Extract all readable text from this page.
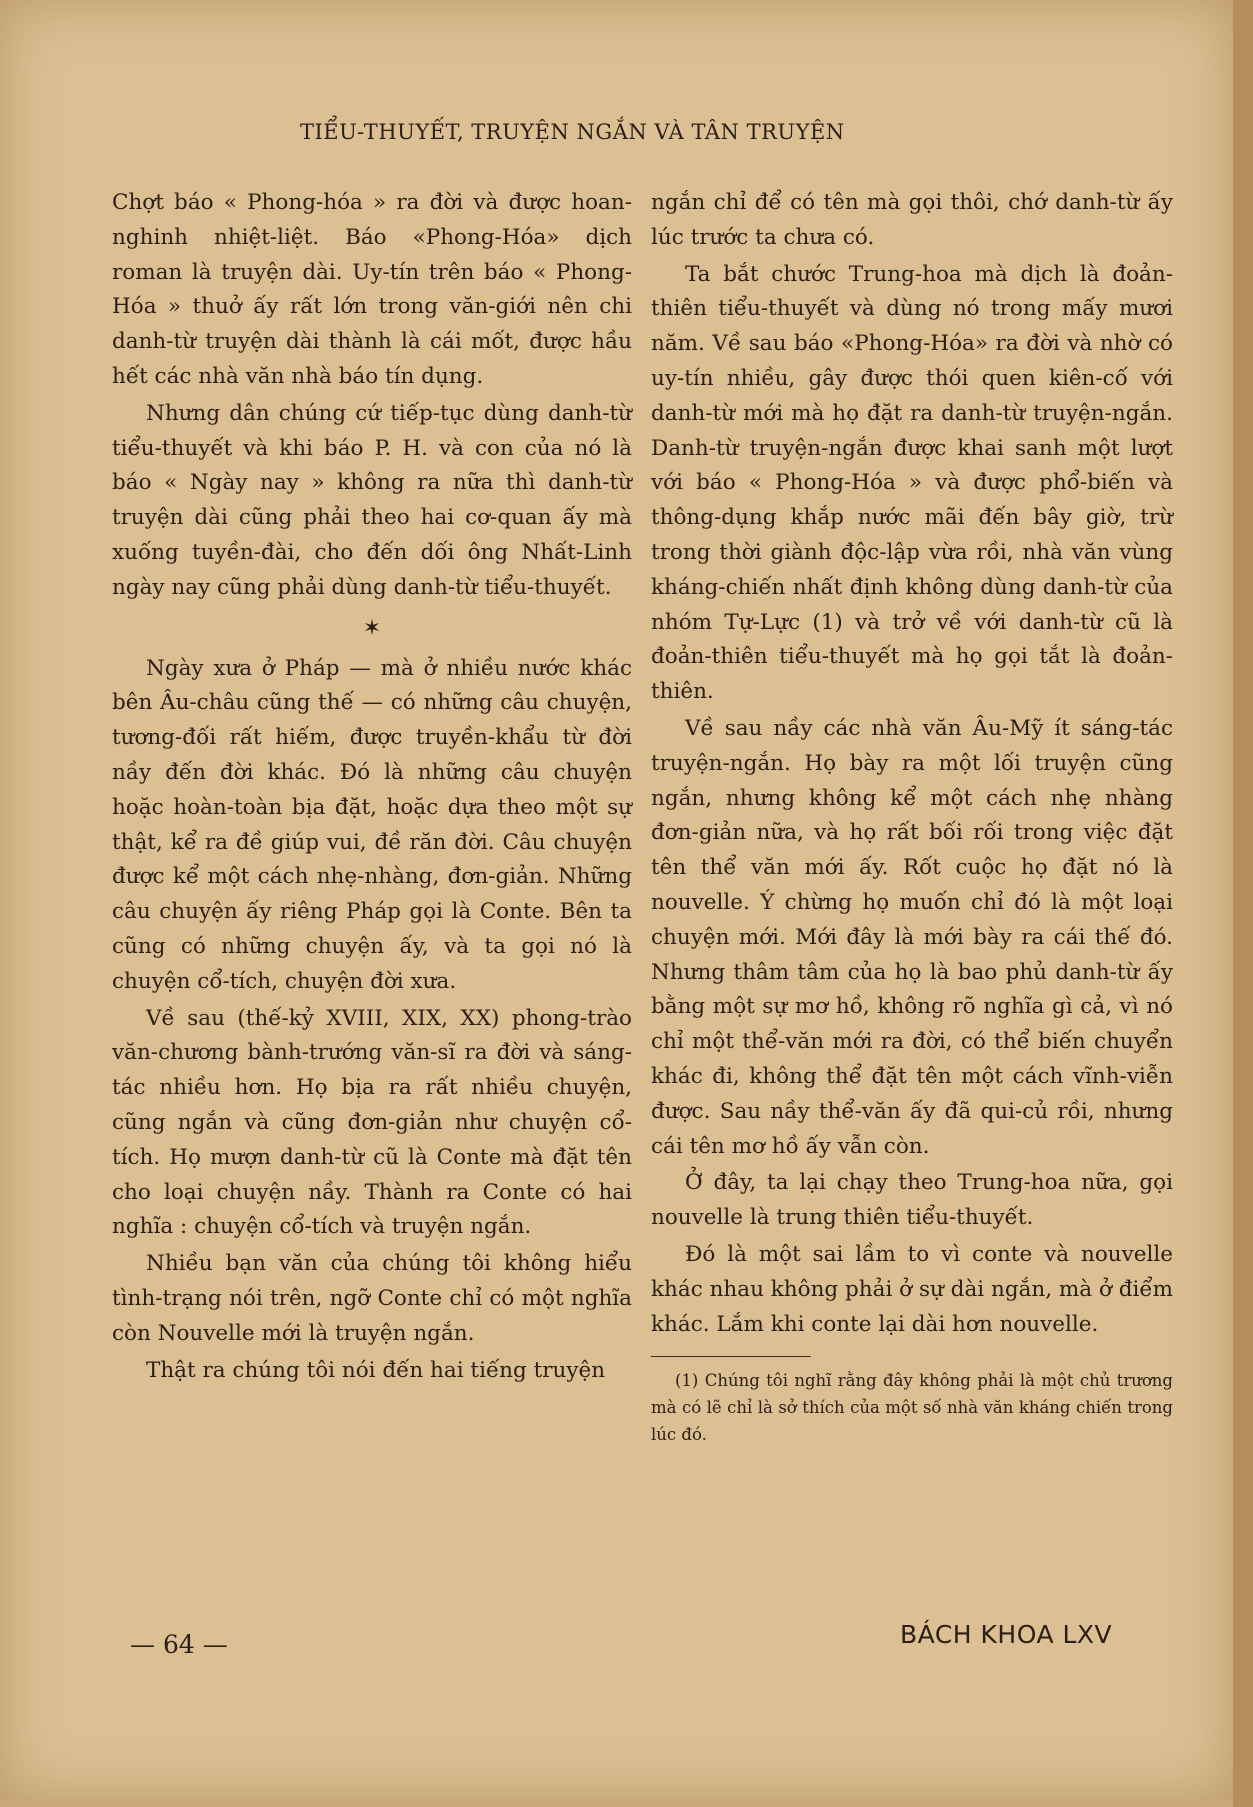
TIỂU-THUYẾT, TRUYỆN NGẮN VÀ TÂN TRUYỆN

Chợt báo « Phong-hóa » ra đời và được hoan-nghinh nhiệt-liệt. Báo «Phong-Hóa» dịch roman là truyện dài. Uy-tín trên báo « Phong-Hóa » thuở ấy rất lớn trong văn-giới nên chi danh-từ truyện dài thành là cái mốt, được hầu hết các nhà văn nhà báo tín dụng.

Nhưng dân chúng cứ tiếp-tục dùng danh-từ tiểu-thuyết và khi báo P. H. và con của nó là báo « Ngày nay » không ra nữa thì danh-từ truyện dài cũng phải theo hai cơ-quan ấy mà xuống tuyền-đài, cho đến dối ông Nhất-Linh ngày nay cũng phải dùng danh-từ tiểu-thuyết.

✶

Ngày xưa ở Pháp — mà ở nhiều nước khác bên Âu-châu cũng thế — có những câu chuyện, tương-đối rất hiếm, được truyền-khẩu từ đời nầy đến đời khác. Đó là những câu chuyện hoặc hoàn-toàn bịa đặt, hoặc dựa theo một sự thật, kể ra đề giúp vui, đề răn đời. Câu chuyện được kể một cách nhẹ-nhàng, đơn-giản. Những câu chuyện ấy riêng Pháp gọi là Conte. Bên ta cũng có những chuyện ấy, và ta gọi nó là chuyện cổ-tích, chuyện đời xưa.

Về sau (thế-kỷ XVIII, XIX, XX) phong-trào văn-chương bành-trướng văn-sĩ ra đời và sáng-tác nhiều hơn. Họ bịa ra rất nhiều chuyện, cũng ngắn và cũng đơn-giản như chuyện cổ-tích. Họ mượn danh-từ cũ là Conte mà đặt tên cho loại chuyện nầy. Thành ra Conte có hai nghĩa : chuyện cổ-tích và truyện ngắn.

Nhiều bạn văn của chúng tôi không hiểu tình-trạng nói trên, ngỡ Conte chỉ có một nghĩa còn Nouvelle mới là truyện ngắn.

Thật ra chúng tôi nói đến hai tiếng truyện

ngắn chỉ để có tên mà gọi thôi, chớ danh-từ ấy lúc trước ta chưa có.

Ta bắt chước Trung-hoa mà dịch là đoản-thiên tiểu-thuyết và dùng nó trong mấy mươi năm. Về sau báo «Phong-Hóa» ra đời và nhờ có uy-tín nhiều, gây được thói quen kiên-cố với danh-từ mới mà họ đặt ra danh-từ truyện-ngắn. Danh-từ truyện-ngắn được khai sanh một lượt với báo « Phong-Hóa » và được phổ-biến và thông-dụng khắp nước mãi đến bây giờ, trừ trong thời giành độc-lập vừa rồi, nhà văn vùng kháng-chiến nhất định không dùng danh-từ của nhóm Tự-Lực (1) và trở về với danh-từ cũ là đoản-thiên tiểu-thuyết mà họ gọi tắt là đoản-thiên.

Về sau nầy các nhà văn Âu-Mỹ ít sáng-tác truyện-ngắn. Họ bày ra một lối truyện cũng ngắn, nhưng không kể một cách nhẹ nhàng đơn-giản nữa, và họ rất bối rối trong việc đặt tên thể văn mới ấy. Rốt cuộc họ đặt nó là nouvelle. Ý chừng họ muốn chỉ đó là một loại chuyện mới. Mới đây là mới bày ra cái thế đó. Nhưng thâm tâm của họ là bao phủ danh-từ ấy bằng một sự mơ hồ, không rõ nghĩa gì cả, vì nó chỉ một thể-văn mới ra đời, có thể biến chuyển khác đi, không thể đặt tên một cách vĩnh-viễn được. Sau nầy thể-văn ấy đã qui-củ rồi, nhưng cái tên mơ hồ ấy vẫn còn.

Ở đây, ta lại chạy theo Trung-hoa nữa, gọi nouvelle là trung thiên tiểu-thuyết.

Đó là một sai lầm to vì conte và nouvelle khác nhau không phải ở sự dài ngắn, mà ở điểm khác. Lắm khi conte lại dài hơn nouvelle.

(1) Chúng tôi nghĩ rằng đây không phải là một chủ trương mà có lẽ chỉ là sở thích của một số nhà văn kháng chiến trong lúc đó.
— 64 —	BÁCH KHOA LXV
